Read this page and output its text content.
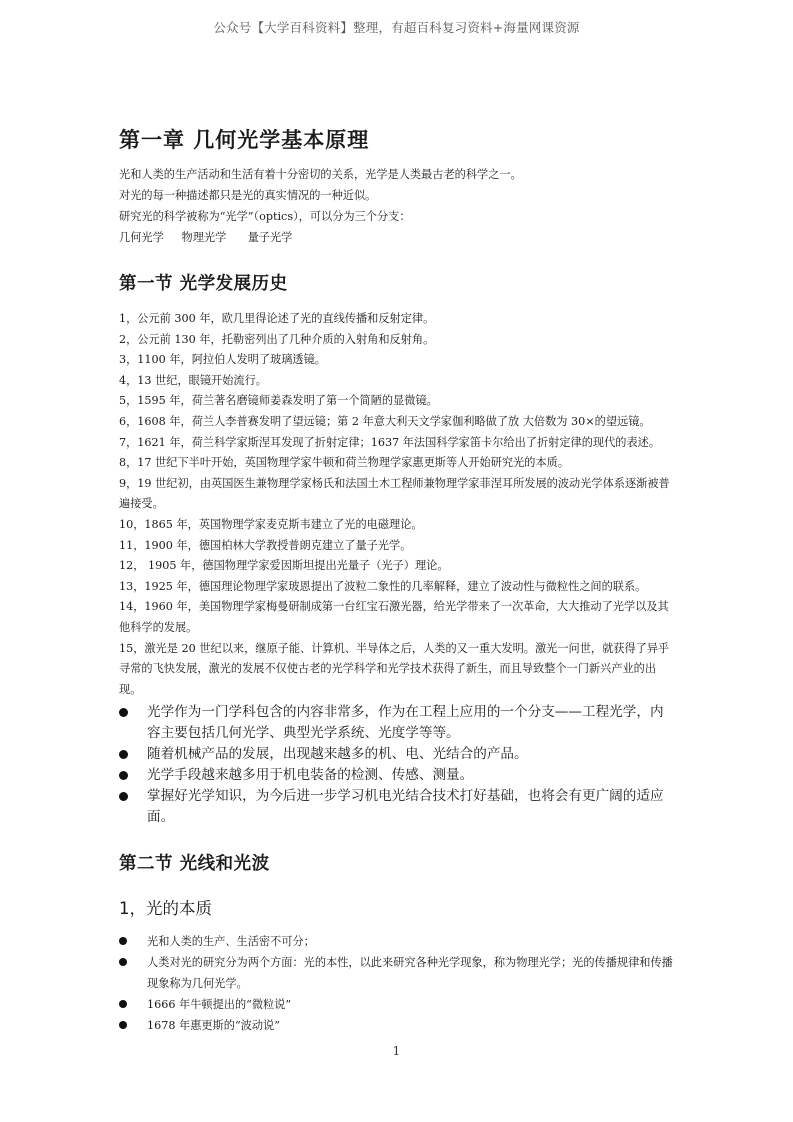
公众号【大学百科资料】整理，有超百科复习资料+海量网课资源
第一章 几何光学基本原理

光和人类的生产活动和生活有着十分密切的关系，光学是人类最古老的科学之一。

对光的每一种描述都只是光的真实情况的一种近似。

研究光的科学被称为“光学”（optics），可以分为三个分支：

几何光学     物理光学      量子光学

第一节 光学发展历史
1，公元前 300 年，欧几里得论述了光的直线传播和反射定律。
2，公元前 130 年，托勒密列出了几种介质的入射角和反射角。
3，1100 年，阿拉伯人发明了玻璃透镜。
4，13 世纪，眼镜开始流行。
5，1595 年，荷兰著名磨镜师姜森发明了第一个简陋的显微镜。
6，1608 年，荷兰人李普赛发明了望远镜；第 2 年意大利天文学家伽利略做了放 大倍数为 30×的望远镜。
7，1621 年，荷兰科学家斯涅耳发现了折射定律；1637 年法国科学家笛卡尔给出了折射定律的现代的表述。
8，17 世纪下半叶开始，英国物理学家牛顿和荷兰物理学家惠更斯等人开始研究光的本质。
9，19 世纪初，由英国医生兼物理学家杨氏和法国土木工程师兼物理学家菲涅耳所发展的波动光学体系逐渐被普遍接受。
10，1865 年，英国物理学家麦克斯韦建立了光的电磁理论。
11，1900 年，德国柏林大学教授普朗克建立了量子光学。
12， 1905 年，德国物理学家爱因斯坦提出光量子（光子）理论。
13，1925 年，德国理论物理学家玻恩提出了波粒二象性的几率解释，建立了波动性与微粒性之间的联系。
14，1960 年，美国物理学家梅曼研制成第一台红宝石激光器，给光学带来了一次革命，大大推动了光学以及其他科学的发展。
15，激光是 20 世纪以来，继原子能、计算机、半导体之后，人类的又一重大发明。激光一问世，就获得了异乎寻常的飞快发展，激光的发展不仅使古老的光学科学和光学技术获得了新生，而且导致整个一门新兴产业的出现。
光学作为一门学科包含的内容非常多，作为在工程上应用的一个分支——工程光学，内容主要包括几何光学、典型光学系统、光度学等等。
随着机械产品的发展，出现越来越多的机、电、光结合的产品。
光学手段越来越多用于机电装备的检测、传感、测量。
掌握好光学知识，为今后进一步学习机电光结合技术打好基础，也将会有更广阔的适应面。
第二节 光线和光波
1，光的本质
光和人类的生产、生活密不可分；
人类对光的研究分为两个方面：光的本性，以此来研究各种光学现象，称为物理光学；光的传播规律和传播现象称为几何光学。
1666 年牛顿提出的“微粒说”
1678 年惠更斯的“波动说”
1
